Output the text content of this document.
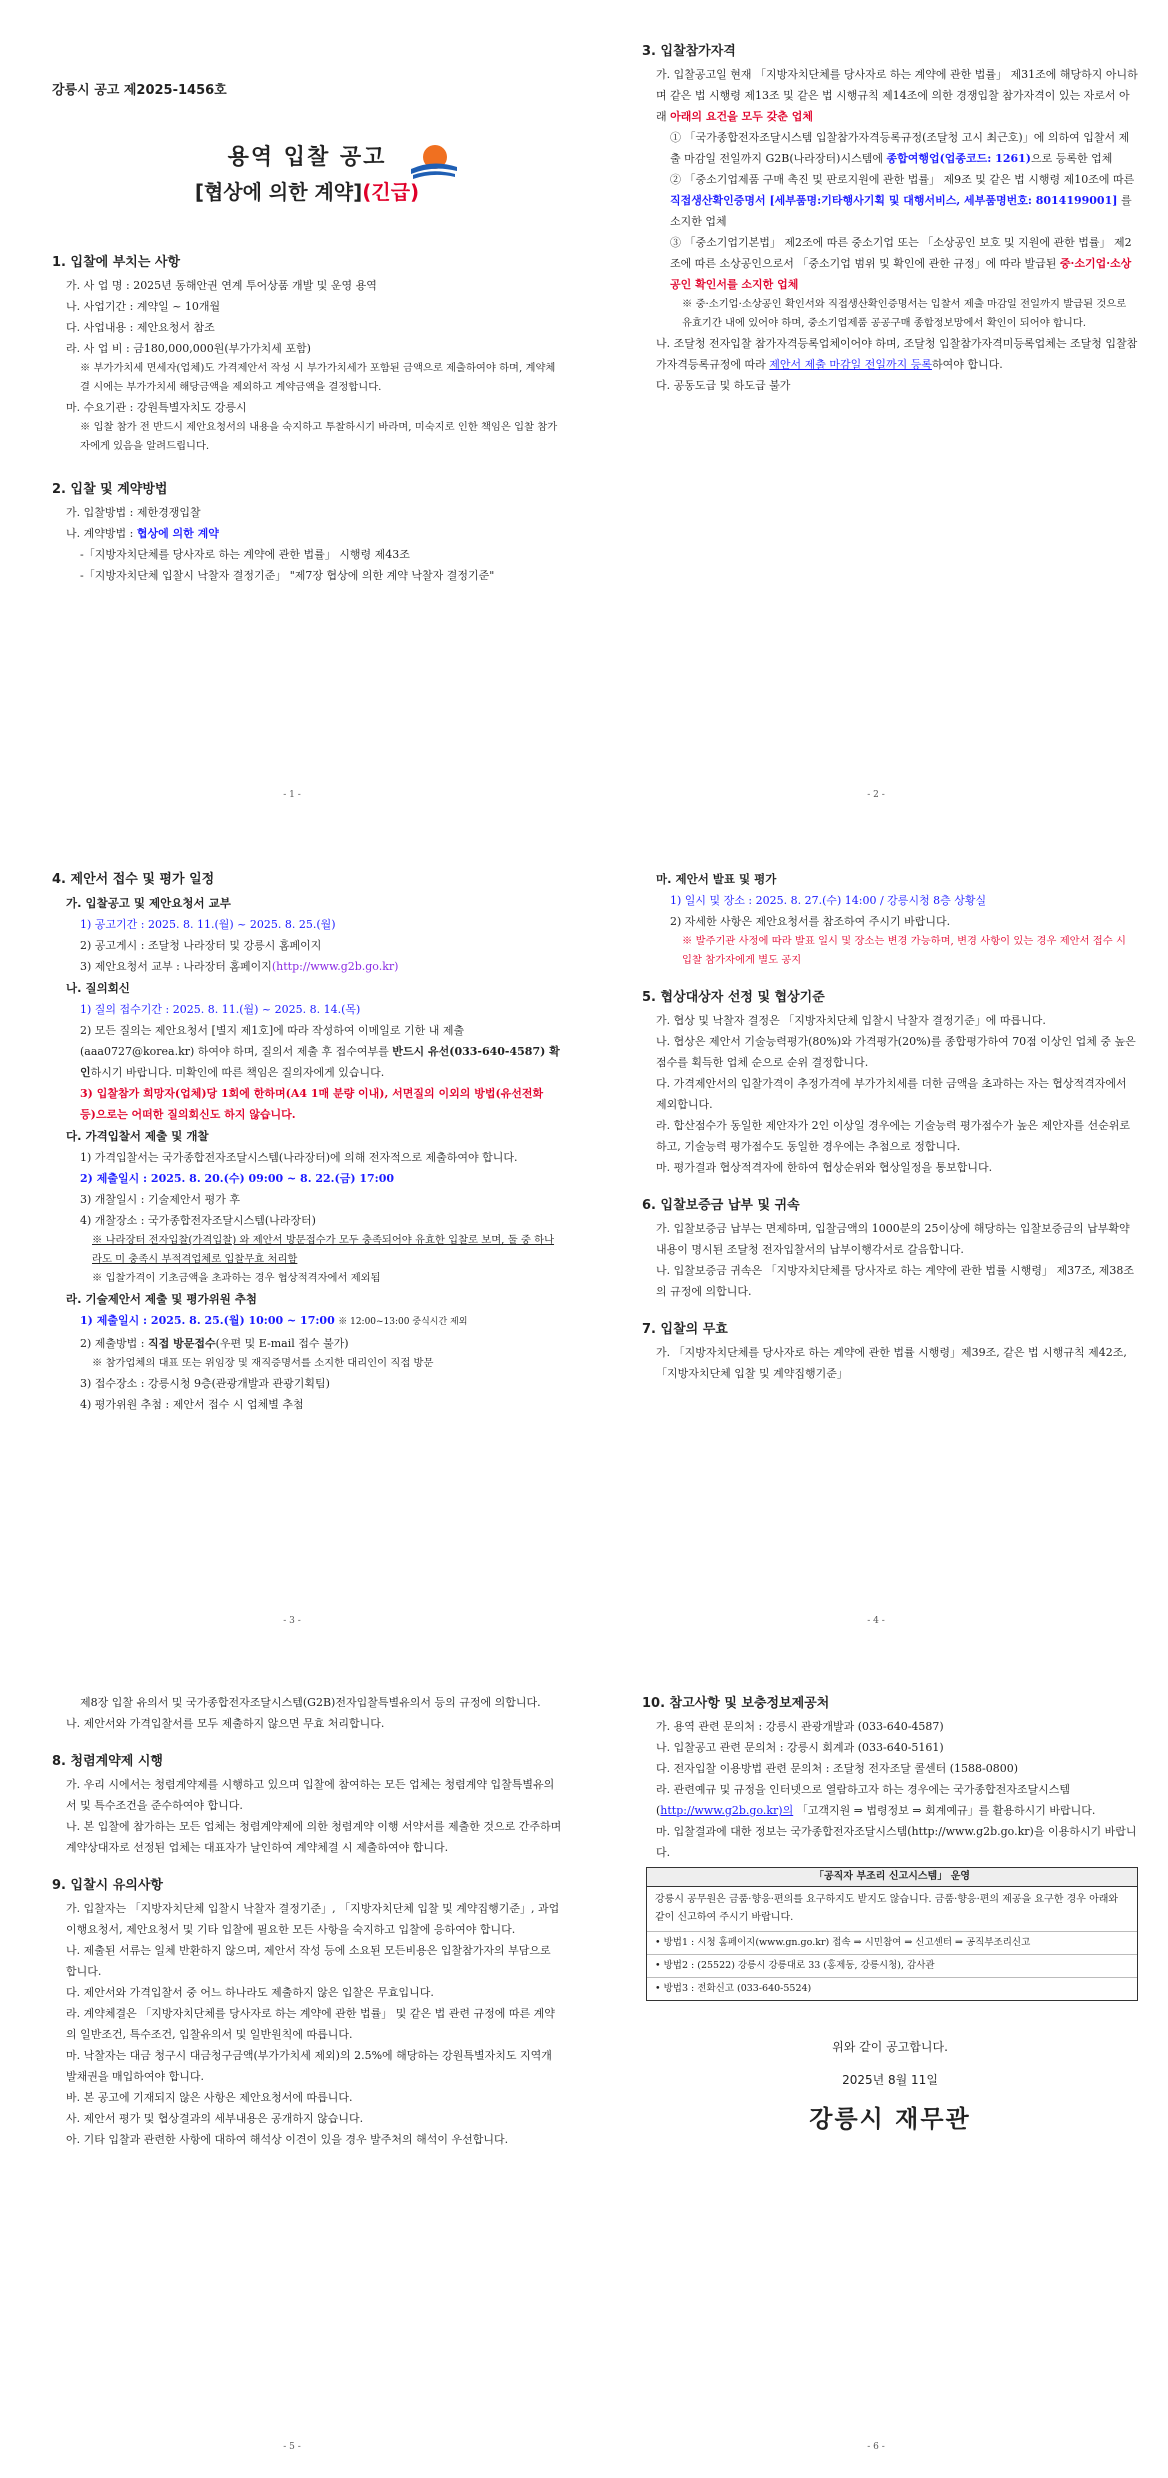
강릉시 공고 제2025-1456호
용역 입찰 공고
[협상에 의한 계약](긴급)
1. 입찰에 부치는 사항
가. 사 업 명 : 2025년 동해안권 연계 투어상품 개발 및 운영 용역
나. 사업기간 : 계약일 ~ 10개월
다. 사업내용 : 제안요청서 참조
라. 사 업 비 : 금180,000,000원(부가가치세 포함)
※ 부가가치세 면세자(업체)도 가격제안서 작성 시 부가가치세가 포함된 금액으로 제출하여야 하며, 계약체결 시에는 부가가치세 해당금액을 제외하고 계약금액을 결정합니다.
마. 수요기관 : 강원특별자치도 강릉시
※ 입찰 참가 전 반드시 제안요청서의 내용을 숙지하고 투찰하시기 바라며, 미숙지로 인한 책임은 입찰 참가자에게 있음을 알려드립니다.
2. 입찰 및 계약방법
가. 입찰방법 : 제한경쟁입찰
나. 계약방법 : 협상에 의한 계약
-「지방자치단체를 당사자로 하는 계약에 관한 법률」 시행령 제43조
-「지방자치단체 입찰시 낙찰자 결정기준」 "제7장 협상에 의한 계약 낙찰자 결정기준"
- 1 -
3. 입찰참가자격
가. 입찰공고일 현재 「지방자치단체를 당사자로 하는 계약에 관한 법률」 제31조에 해당하지 아니하며 같은 법 시행령 제13조 및 같은 법 시행규칙 제14조에 의한 경쟁입찰 참가자격이 있는 자로서 아래 아래의 요건을 모두 갖춘 업체
① 「국가종합전자조달시스템 입찰참가자격등록규정(조달청 고시 최근호)」에 의하여 입찰서 제출 마감일 전일까지 G2B(나라장터)시스템에 종합여행업(업종코드: 1261)으로 등록한 업체
② 「중소기업제품 구매 촉진 및 판로지원에 관한 법률」 제9조 및 같은 법 시행령 제10조에 따른 직접생산확인증명서 [세부품명:기타행사기획 및 대행서비스, 세부품명번호: 8014199001] 를 소지한 업체
③ 「중소기업기본법」 제2조에 따른 중소기업 또는 「소상공인 보호 및 지원에 관한 법률」 제2조에 따른 소상공인으로서 「중소기업 범위 및 확인에 관한 규정」에 따라 발급된 중·소기업·소상공인 확인서를 소지한 업체
※ 중·소기업·소상공인 확인서와 직접생산확인증명서는 입찰서 제출 마감일 전일까지 발급된 것으로 유효기간 내에 있어야 하며, 중소기업제품 공공구매 종합정보망에서 확인이 되어야 합니다.
나. 조달청 전자입찰 참가자격등록업체이어야 하며, 조달청 입찰참가자격미등록업체는 조달청 입찰참가자격등록규정에 따라 제안서 제출 마감일 전일까지 등록하여야 합니다.
다. 공동도급 및 하도급 불가
- 2 -
4. 제안서 접수 및 평가 일정
가. 입찰공고 및 제안요청서 교부
1) 공고기간 : 2025. 8. 11.(월) ~ 2025. 8. 25.(월)
2) 공고게시 : 조달청 나라장터 및 강릉시 홈페이지
3) 제안요청서 교부 : 나라장터 홈페이지(http://www.g2b.go.kr)
나. 질의회신
1) 질의 접수기간 : 2025. 8. 11.(월) ~ 2025. 8. 14.(목)
2) 모든 질의는 제안요청서 [별지 제1호]에 따라 작성하여 이메일로 기한 내 제출(aaa0727@korea.kr) 하여야 하며, 질의서 제출 후 접수여부를 반드시 유선(033-640-4587) 확인하시기 바랍니다. 미확인에 따른 책임은 질의자에게 있습니다.
3) 입찰참가 희망자(업체)당 1회에 한하며(A4 1매 분량 이내), 서면질의 이외의 방법(유선전화 등)으로는 어떠한 질의회신도 하지 않습니다.
다. 가격입찰서 제출 및 개찰
1) 가격입찰서는 국가종합전자조달시스템(나라장터)에 의해 전자적으로 제출하여야 합니다.
2) 제출일시 : 2025. 8. 20.(수) 09:00 ~ 8. 22.(금) 17:00
3) 개찰일시 : 기술제안서 평가 후
4) 개찰장소 : 국가종합전자조달시스템(나라장터)
※ 나라장터 전자입찰(가격입찰) 와 제안서 방문접수가 모두 충족되어야 유효한 입찰로 보며, 둘 중 하나라도 미 충족시 부적격업체로 입찰무효 처리함
※ 입찰가격이 기초금액을 초과하는 경우 협상적격자에서 제외됨
라. 기술제안서 제출 및 평가위원 추첨
1) 제출일시 : 2025. 8. 25.(월) 10:00 ~ 17:00 ※ 12:00~13:00 중식시간 제외
2) 제출방법 : 직접 방문접수(우편 및 E-mail 접수 불가)
※ 참가업체의 대표 또는 위임장 및 재직증명서를 소지한 대리인이 직접 방문
3) 접수장소 : 강릉시청 9층(관광개발과 관광기획팀)
4) 평가위원 추첨 : 제안서 접수 시 업체별 추첨
- 3 -
마. 제안서 발표 및 평가
1) 일시 및 장소 : 2025. 8. 27.(수) 14:00 / 강릉시청 8층 상황실
2) 자세한 사항은 제안요청서를 참조하여 주시기 바랍니다.
※ 발주기관 사정에 따라 발표 일시 및 장소는 변경 가능하며, 변경 사항이 있는 경우 제안서 접수 시 입찰 참가자에게 별도 공지
5. 협상대상자 선정 및 협상기준
가. 협상 및 낙찰자 결정은 「지방자치단체 입찰시 낙찰자 결정기준」에 따릅니다.
나. 협상은 제안서 기술능력평가(80%)와 가격평가(20%)를 종합평가하여 70점 이상인 업체 중 높은 점수를 획득한 업체 순으로 순위 결정합니다.
다. 가격제안서의 입찰가격이 추정가격에 부가가치세를 더한 금액을 초과하는 자는 협상적격자에서 제외합니다.
라. 합산점수가 동일한 제안자가 2인 이상일 경우에는 기술능력 평가점수가 높은 제안자를 선순위로 하고, 기술능력 평가점수도 동일한 경우에는 추첨으로 정합니다.
마. 평가결과 협상적격자에 한하여 협상순위와 협상일정을 통보합니다.
6. 입찰보증금 납부 및 귀속
가. 입찰보증금 납부는 면제하며, 입찰금액의 1000분의 25이상에 해당하는 입찰보증금의 납부확약 내용이 명시된 조달청 전자입찰서의 납부이행각서로 갈음합니다.
나. 입찰보증금 귀속은 「지방자치단체를 당사자로 하는 계약에 관한 법률 시행령」 제37조, 제38조의 규정에 의합니다.
7. 입찰의 무효
가. 「지방자치단체를 당사자로 하는 계약에 관한 법률 시행령」제39조, 같은 법 시행규칙 제42조, 「지방자치단체 입찰 및 계약집행기준」
- 4 -
제8장 입찰 유의서 및 국가종합전자조달시스템(G2B)전자입찰특별유의서 등의 규정에 의합니다.
나. 제안서와 가격입찰서를 모두 제출하지 않으면 무효 처리합니다.
8. 청렴계약제 시행
가. 우리 시에서는 청렴계약제를 시행하고 있으며 입찰에 참여하는 모든 업체는 청렴계약 입찰특별유의서 및 특수조건을 준수하여야 합니다.
나. 본 입찰에 참가하는 모든 업체는 청렴계약제에 의한 청렴계약 이행 서약서를 제출한 것으로 간주하며 계약상대자로 선정된 업체는 대표자가 날인하여 계약체결 시 제출하여야 합니다.
9. 입찰시 유의사항
가. 입찰자는 「지방자치단체 입찰시 낙찰자 결정기준」, 「지방자치단체 입찰 및 계약집행기준」, 과업이행요청서, 제안요청서 및 기타 입찰에 필요한 모든 사항을 숙지하고 입찰에 응하여야 합니다.
나. 제출된 서류는 일체 반환하지 않으며, 제안서 작성 등에 소요된 모든비용은 입찰참가자의 부담으로 합니다.
다. 제안서와 가격입찰서 중 어느 하나라도 제출하지 않은 입찰은 무효입니다.
라. 계약체결은 「지방자치단체를 당사자로 하는 계약에 관한 법률」 및 같은 법 관련 규정에 따른 계약의 일반조건, 특수조건, 입찰유의서 및 일반원칙에 따릅니다.
마. 낙찰자는 대금 청구시 대금청구금액(부가가치세 제외)의 2.5%에 해당하는 강원특별자치도 지역개발채권을 매입하여야 합니다.
바. 본 공고에 기재되지 않은 사항은 제안요청서에 따릅니다.
사. 제안서 평가 및 협상결과의 세부내용은 공개하지 않습니다.
아. 기타 입찰과 관련한 사항에 대하여 해석상 이견이 있을 경우 발주처의 해석이 우선합니다.
- 5 -
10. 참고사항 및 보충정보제공처
가. 용역 관련 문의처 : 강릉시 관광개발과 (033-640-4587)
나. 입찰공고 관련 문의처 : 강릉시 회계과 (033-640-5161)
다. 전자입찰 이용방법 관련 문의처 : 조달청 전자조달 콜센터 (1588-0800)
라. 관련예규 및 규정을 인터넷으로 열람하고자 하는 경우에는 국가종합전자조달시스템(http://www.g2b.go.kr)의 「고객지원 ⇒ 법령정보 ⇒ 회계예규」를 활용하시기 바랍니다.
마. 입찰결과에 대한 정보는 국가종합전자조달시스템(http://www.g2b.go.kr)을 이용하시기 바랍니다.
「공직자 부조리 신고시스템」 운영
강릉시 공무원은 금품·향응·편의를 요구하지도 받지도 않습니다. 금품·향응·편의 제공을 요구한 경우 아래와 같이 신고하여 주시기 바랍니다.
• 방법1 : 시청 홈페이지(www.gn.go.kr) 접속 ⇒ 시민참여 ⇒ 신고센터 ⇒ 공직부조리신고
• 방법2 : (25522) 강릉시 강릉대로 33 (홍제동, 강릉시청), 감사관
• 방법3 : 전화신고 (033-640-5524)
위와 같이 공고합니다.
2025년 8월 11일
강릉시 재무관
- 6 -
